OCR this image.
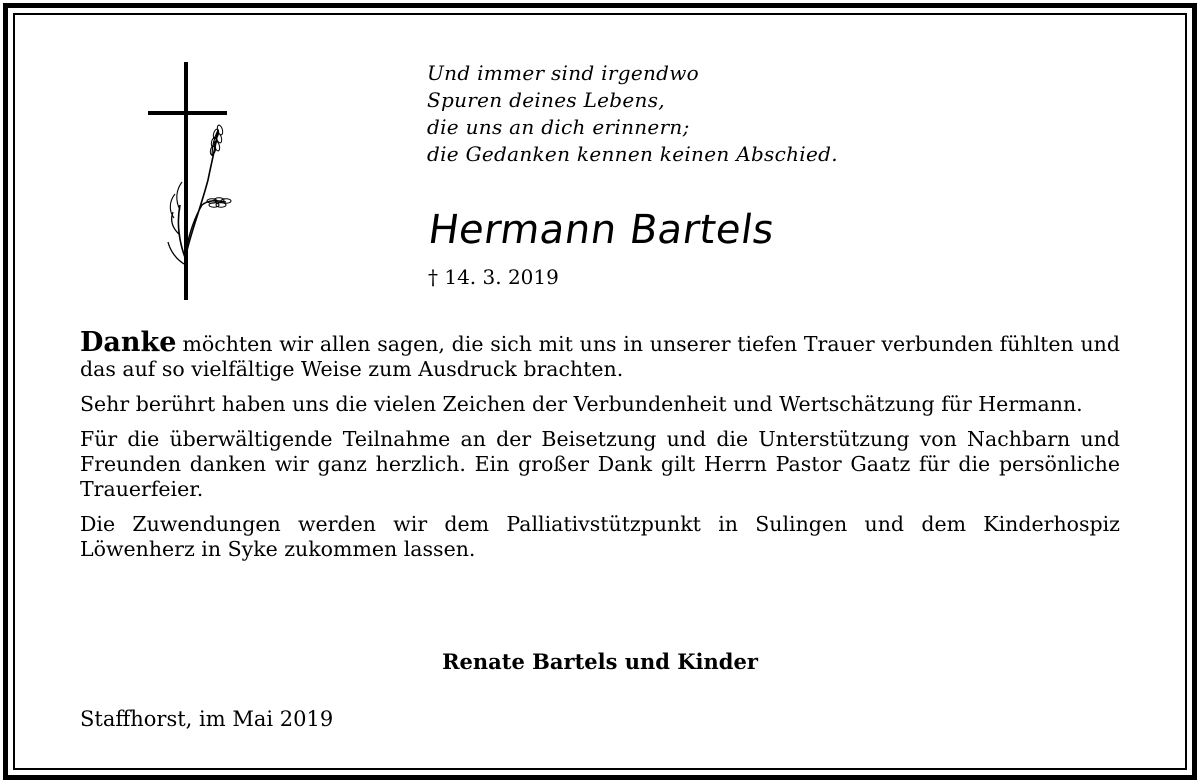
Und immer sind irgendwo
Spuren deines Lebens,
die uns an dich erinnern;
die Gedanken kennen keinen Abschied.
Hermann Bartels
† 14. 3. 2019

Danke möchten wir allen sagen, die sich mit uns in unserer tiefen Trauer verbunden fühlten und das auf so vielfältige Weise zum Ausdruck brachten.

Sehr berührt haben uns die vielen Zeichen der Verbundenheit und Wertschätzung für Hermann.

Für die überwältigende Teilnahme an der Beisetzung und die Unterstützung von Nachbarn und Freunden danken wir ganz herzlich. Ein großer Dank gilt Herrn Pastor Gaatz für die persönliche Trauerfeier.

Die Zuwendungen werden wir dem Palliativstützpunkt in Sulingen und dem Kinderhospiz Löwenherz in Syke zukommen lassen.

Renate Bartels und Kinder
Staffhorst, im Mai 2019
